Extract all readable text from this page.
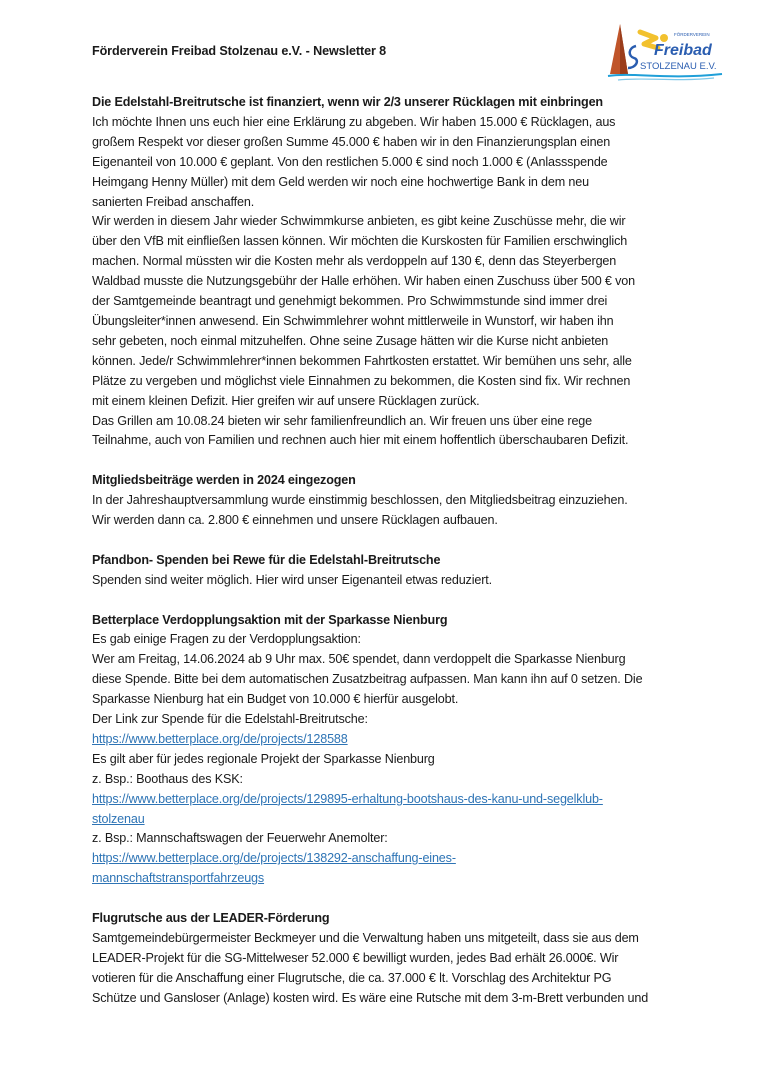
Förderverein Freibad Stolzenau e.V. - Newsletter 8
FÖRDERVEREIN
Freibad
STOLZENAU E.V.
Die Edelstahl-Breitrutsche ist finanziert, wenn wir 2/3 unserer Rücklagen mit einbringen
Ich möchte Ihnen uns euch hier eine Erklärung zu abgeben. Wir haben 15.000 € Rücklagen, aus
großem Respekt vor dieser großen Summe 45.000 € haben wir in den Finanzierungsplan einen
Eigenanteil von 10.000 € geplant. Von den restlichen 5.000 € sind noch 1.000 € (Anlassspende
Heimgang Henny Müller) mit dem Geld werden wir noch eine hochwertige Bank in dem neu
sanierten Freibad anschaffen.
Wir werden in diesem Jahr wieder Schwimmkurse anbieten, es gibt keine Zuschüsse mehr, die wir
über den VfB mit einfließen lassen können. Wir möchten die Kurskosten für Familien erschwinglich
machen. Normal müssten wir die Kosten mehr als verdoppeln auf 130 €, denn das Steyerbergen
Waldbad musste die Nutzungsgebühr der Halle erhöhen. Wir haben einen Zuschuss über 500 € von
der Samtgemeinde beantragt und genehmigt bekommen. Pro Schwimmstunde sind immer drei
Übungsleiter*innen anwesend. Ein Schwimmlehrer wohnt mittlerweile in Wunstorf, wir haben ihn
sehr gebeten, noch einmal mitzuhelfen. Ohne seine Zusage hätten wir die Kurse nicht anbieten
können. Jede/r Schwimmlehrer*innen bekommen Fahrtkosten erstattet. Wir bemühen uns sehr, alle
Plätze zu vergeben und möglichst viele Einnahmen zu bekommen, die Kosten sind fix. Wir rechnen
mit einem kleinen Defizit. Hier greifen wir auf unsere Rücklagen zurück.
Das Grillen am 10.08.24 bieten wir sehr familienfreundlich an. Wir freuen uns über eine rege
Teilnahme, auch von Familien und rechnen auch hier mit einem hoffentlich überschaubaren Defizit.
Mitgliedsbeiträge werden in 2024 eingezogen
In der Jahreshauptversammlung wurde einstimmig beschlossen, den Mitgliedsbeitrag einzuziehen.
Wir werden dann ca. 2.800 € einnehmen und unsere Rücklagen aufbauen.
Pfandbon- Spenden bei Rewe für die Edelstahl-Breitrutsche
Spenden sind weiter möglich. Hier wird unser Eigenanteil etwas reduziert.
Betterplace Verdopplungsaktion mit der Sparkasse Nienburg
Es gab einige Fragen zu der Verdopplungsaktion:
Wer am Freitag, 14.06.2024 ab 9 Uhr max. 50€ spendet, dann verdoppelt die Sparkasse Nienburg
diese Spende. Bitte bei dem automatischen Zusatzbeitrag aufpassen. Man kann ihn auf 0 setzen. Die
Sparkasse Nienburg hat ein Budget von 10.000 € hierfür ausgelobt.
Der Link zur Spende für die Edelstahl-Breitrutsche:
https://www.betterplace.org/de/projects/128588
Es gilt aber für jedes regionale Projekt der Sparkasse Nienburg
z. Bsp.: Boothaus des KSK:
https://www.betterplace.org/de/projects/129895-erhaltung-bootshaus-des-kanu-und-segelklub-
stolzenau
z. Bsp.: Mannschaftswagen der Feuerwehr Anemolter:
https://www.betterplace.org/de/projects/138292-anschaffung-eines-
mannschaftstransportfahrzeugs
Flugrutsche aus der LEADER-Förderung
Samtgemeindebürgermeister Beckmeyer und die Verwaltung haben uns mitgeteilt, dass sie aus dem
LEADER-Projekt für die SG-Mittelweser 52.000 € bewilligt wurden, jedes Bad erhält 26.000€. Wir
votieren für die Anschaffung einer Flugrutsche, die ca. 37.000 € lt. Vorschlag des Architektur PG
Schütze und Gansloser (Anlage) kosten wird. Es wäre eine Rutsche mit dem 3-m-Brett verbunden und
